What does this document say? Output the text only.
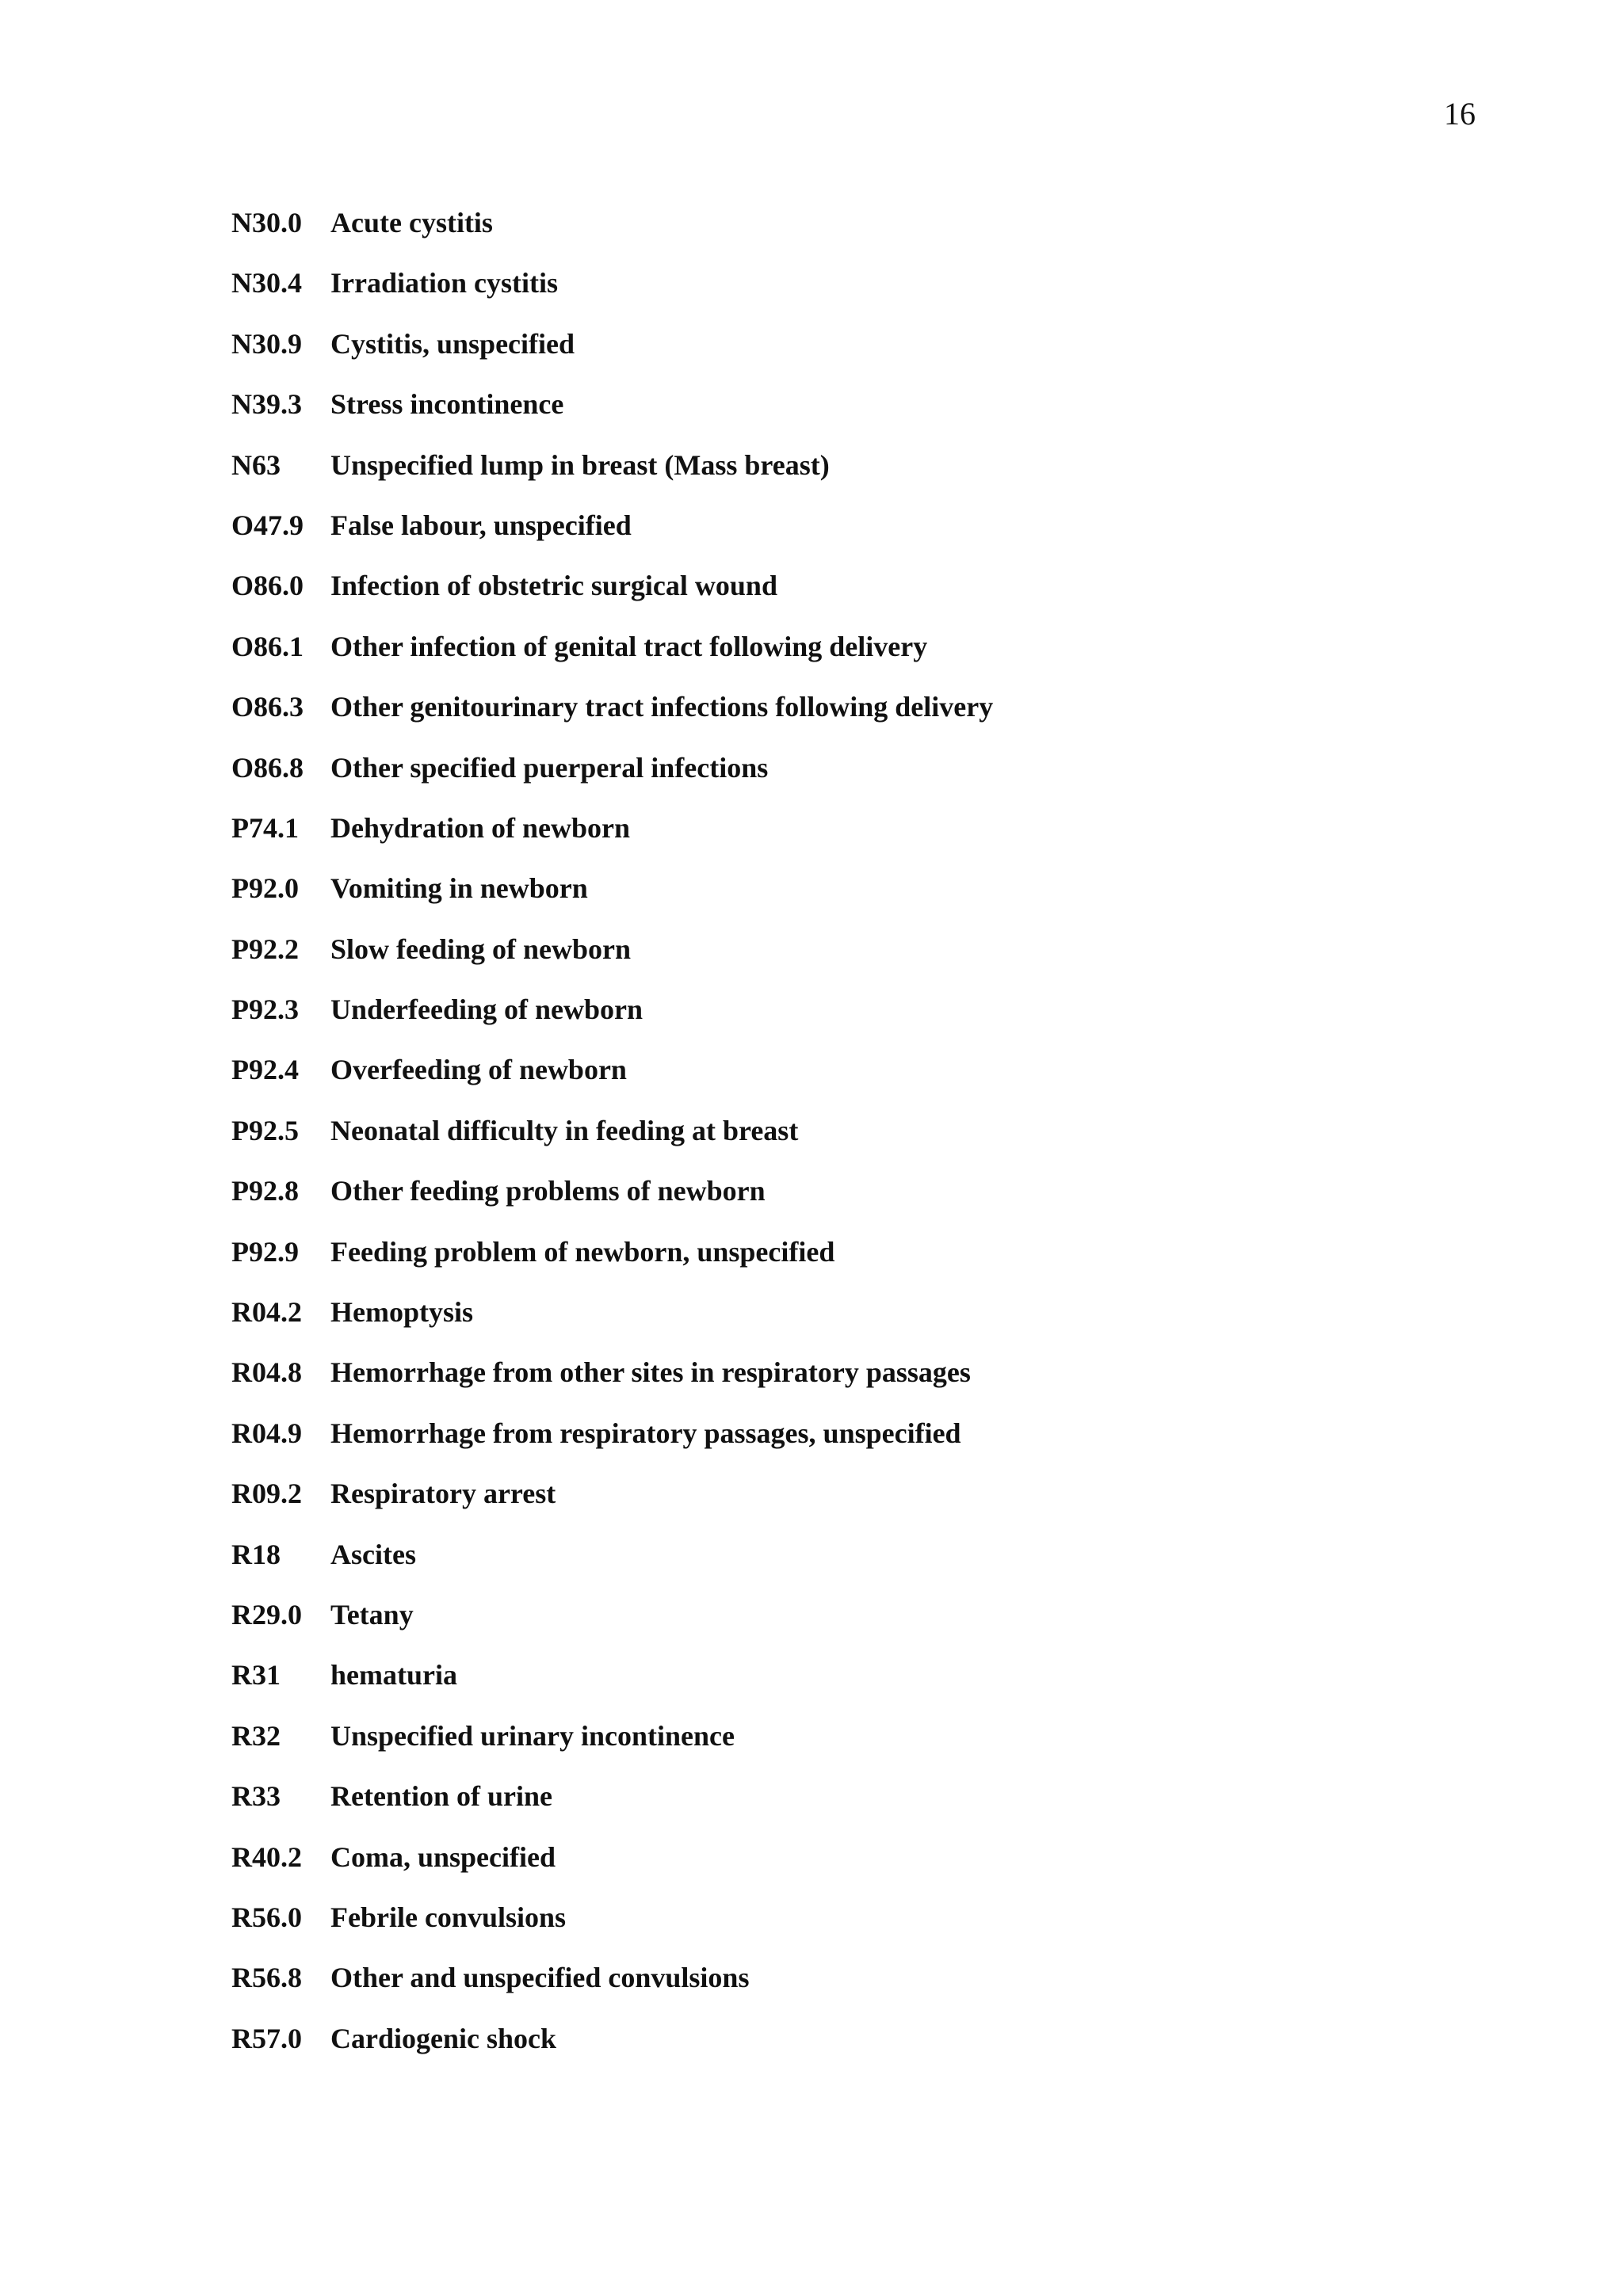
16
N30.0	Acute cystitis
N30.4	Irradiation cystitis
N30.9	Cystitis, unspecified
N39.3	Stress incontinence
N63	Unspecified lump in breast (Mass breast)
O47.9 False labour, unspecified
O86.0 Infection of obstetric surgical wound
O86.1 Other infection of genital tract following delivery
O86.3 Other genitourinary tract infections following delivery
O86.8 Other specified puerperal infections
P74.1	Dehydration of newborn
P92.0	Vomiting in newborn
P92.2	Slow feeding of newborn
P92.3	Underfeeding of newborn
P92.4	Overfeeding of newborn
P92.5	Neonatal difficulty in feeding at breast
P92.8	Other feeding problems of newborn
P92.9	Feeding problem of newborn, unspecified
R04.2	Hemoptysis
R04.8	Hemorrhage from other sites in respiratory passages
R04.9	Hemorrhage from respiratory passages, unspecified
R09.2	Respiratory arrest
R18	Ascites
R29.0	Tetany
R31	hematuria
R32	Unspecified urinary incontinence
R33	Retention of urine
R40.2	Coma, unspecified
R56.0	Febrile convulsions
R56.8	Other and unspecified convulsions
R57.0	Cardiogenic shock
